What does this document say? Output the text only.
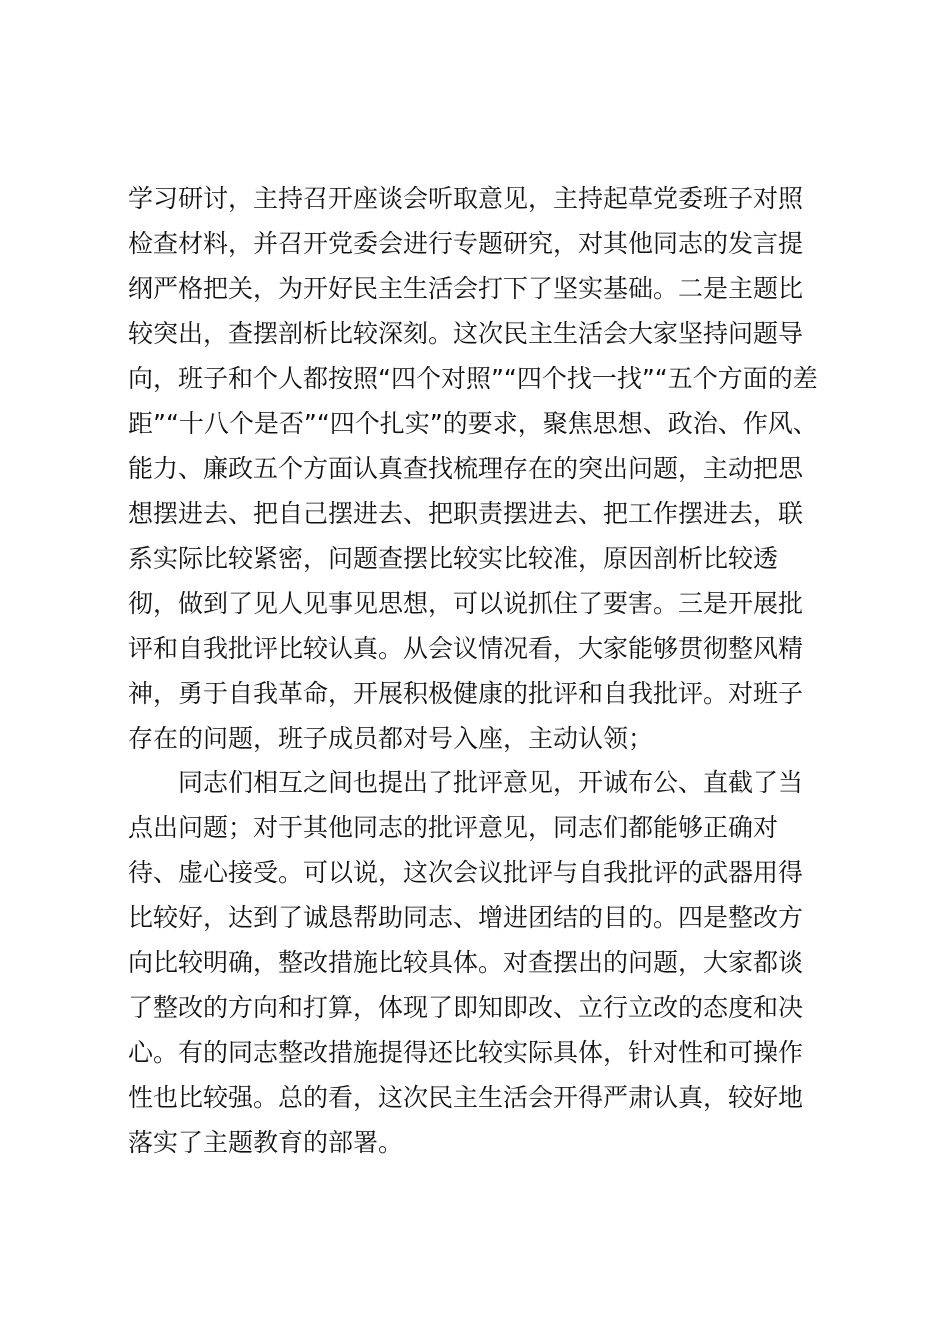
学习研讨，主持召开座谈会听取意见，主持起草党委班子对照
检查材料，并召开党委会进行专题研究，对其他同志的发言提
纲严格把关，为开好民主生活会打下了坚实基础。二是主题比
较突出，查摆剖析比较深刻。这次民主生活会大家坚持问题导
向，班子和个人都按照“四个对照”“四个找一找”“五个方面的差
距”“十八个是否”“四个扎实”的要求，聚焦思想、政治、作风、
能力、廉政五个方面认真查找梳理存在的突出问题，主动把思
想摆进去、把自己摆进去、把职责摆进去、把工作摆进去，联
系实际比较紧密，问题查摆比较实比较准，原因剖析比较透
彻，做到了见人见事见思想，可以说抓住了要害。三是开展批
评和自我批评比较认真。从会议情况看，大家能够贯彻整风精
神，勇于自我革命，开展积极健康的批评和自我批评。对班子
存在的问题，班子成员都对号入座，主动认领；
同志们相互之间也提出了批评意见，开诚布公、直截了当
点出问题；对于其他同志的批评意见，同志们都能够正确对
待、虚心接受。可以说，这次会议批评与自我批评的武器用得
比较好，达到了诚恳帮助同志、增进团结的目的。四是整改方
向比较明确，整改措施比较具体。对查摆出的问题，大家都谈
了整改的方向和打算，体现了即知即改、立行立改的态度和决
心。有的同志整改措施提得还比较实际具体，针对性和可操作
性也比较强。总的看，这次民主生活会开得严肃认真，较好地
落实了主题教育的部署。
